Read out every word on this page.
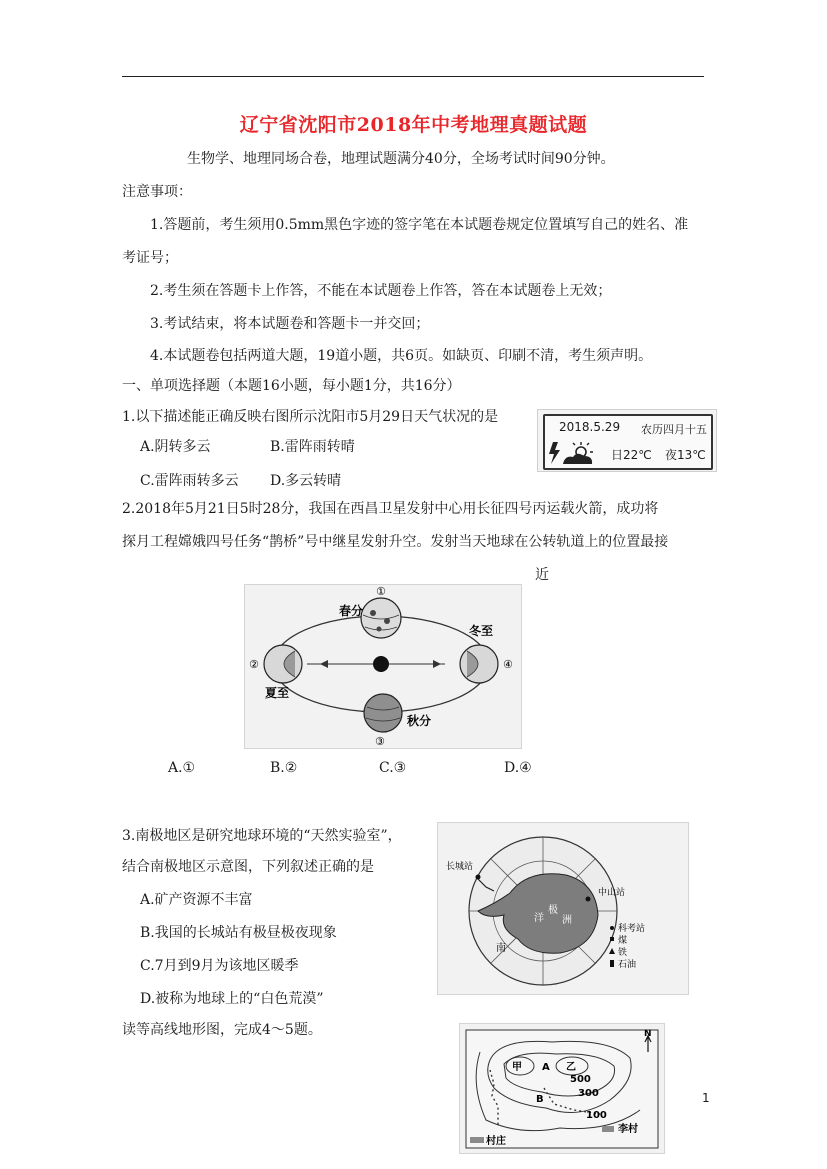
辽宁省沈阳市2018年中考地理真题试题
生物学、地理同场合卷，地理试题满分40分，全场考试时间90分钟。
注意事项：
1.答题前，考生须用0.5mm黑色字迹的签字笔在本试题卷规定位置填写自己的姓名、准
考证号；
2.考生须在答题卡上作答，不能在本试题卷上作答，答在本试题卷上无效；
3.考试结束，将本试题卷和答题卡一并交回；
4.本试题卷包括两道大题，19道小题，共6页。如缺页、印刷不清，考生须声明。
一、单项选择题（本题16小题，每小题1分，共16分）
1.以下描述能正确反映右图所示沈阳市5月29日天气状况的是
A.阴转多云	B.雷阵雨转晴
C.雷阵雨转多云 D.多云转晴
2018.5.29 农历四月十五
日22℃ 夜13℃
2.2018年5月21日5时28分，我国在西昌卫星发射中心用长征四号丙运载火箭，成功将
探月工程嫦娥四号任务“鹊桥”号中继星发射升空。发射当天地球在公转轨道上的位置最接
近
春分
冬至
夏至
秋分
①
②
③
④
A.①	B.②	C.③	D.④
3.南极地区是研究地球环境的“天然实验室”，
结合南极地区示意图，下列叙述正确的是
A.矿产资源不丰富
B.我国的长城站有极昼极夜现象
C.7月到9月为该地区暖季
D.被称为地球上的“白色荒漠”
长城站
中山站
洋
极
洲
南
科考站
煤
铁
石油
读等高线地形图，完成4～5题。
甲	乙
A
B
500
300
100
李村
村庄
N
1
